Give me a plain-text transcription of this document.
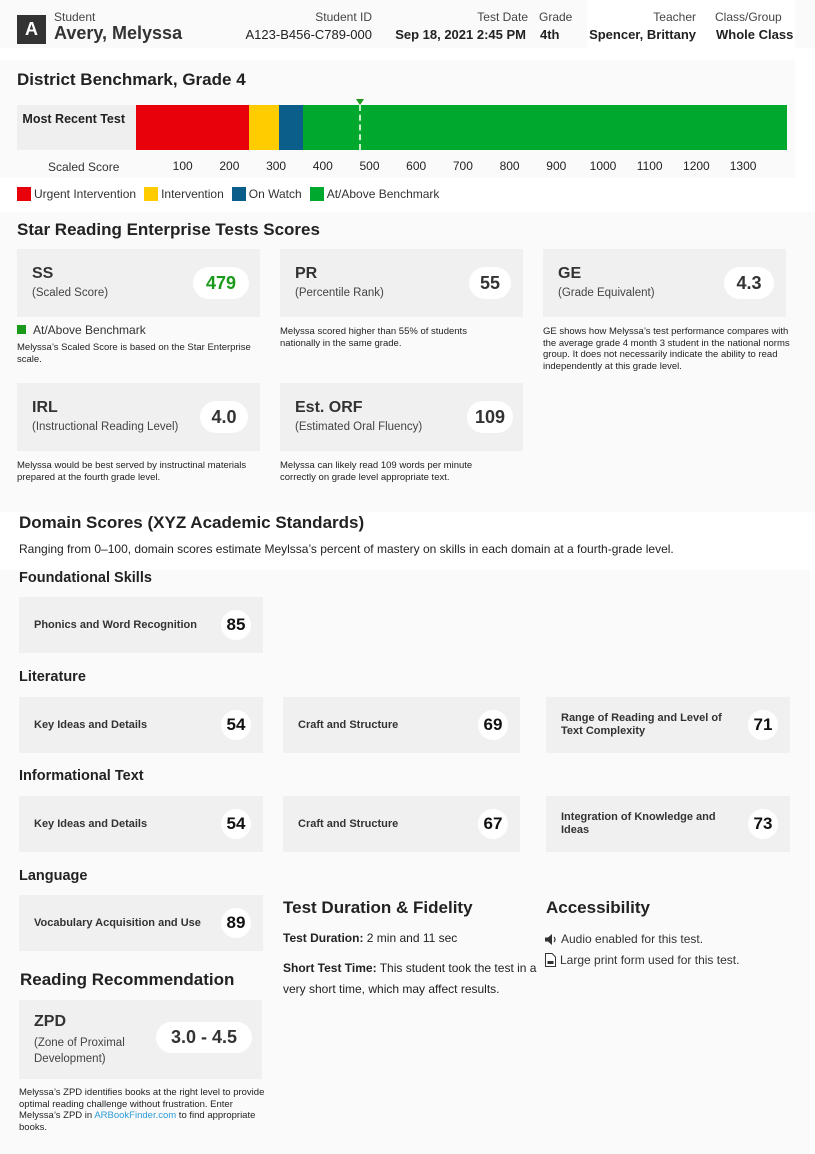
A
Student
Avery, Melyssa
Student ID
A123-B456-C789-000
Test Date
Sep 18, 2021 2:45 PM
Grade
4th
Teacher
Spencer, Brittany
Class/Group
Whole Class
District Benchmark, Grade 4
Most Recent Test
Scaled Score	100 200 300 400 500 600 700 800 900 1000 1100 1200 1300
Urgent Intervention Intervention On Watch At/Above Benchmark
Star Reading Enterprise Tests Scores
SS
(Scaled Score)
479
At/Above Benchmark
Melyssa’s Scaled Score is based on the Star Enterprise scale.
PR
(Percentile Rank)
55
Melyssa scored higher than 55% of students nationally in the same grade.
GE
(Grade Equivalent)
4.3
GE shows how Melyssa’s test performance compares with the average grade 4 month 3 student in the national norms group. It does not necessarily indicate the ability to read independently at this grade level.
IRL
(Instructional Reading Level)
4.0
Melyssa would be best served by instructinal materials prepared at the fourth grade level.
Est. ORF
(Estimated Oral Fluency)
109
Melyssa can likely read 109 words per minute correctly on grade level appropriate text.
Domain Scores (XYZ Academic Standards)
Ranging from 0–100, domain scores estimate Meylssa’s percent of mastery on skills in each domain at a fourth-grade level.
Foundational Skills
Phonics and Word Recognition	85
Literature
Key Ideas and Details	54	Craft and Structure	69	Range of Reading and Level of Text Complexity	71
Informational Text
Key Ideas and Details	54	Craft and Structure	67	Integration of Knowledge and Ideas	73
Language
Vocabulary Acquisition and Use	89
Test Duration & Fidelity
Test Duration: 2 min and 11 sec
Short Test Time: This student took the test in a very short time, which may affect results.
Accessibility
Audio enabled for this test.
Large print form used for this test.
Reading Recommendation
ZPD
(Zone of Proximal
Development)
3.0 - 4.5
Melyssa’s ZPD identifies books at the right level to provide optimal reading challenge without frustration. Enter Melyssa’s ZPD in ARBookFinder.com to find appropriate books.
